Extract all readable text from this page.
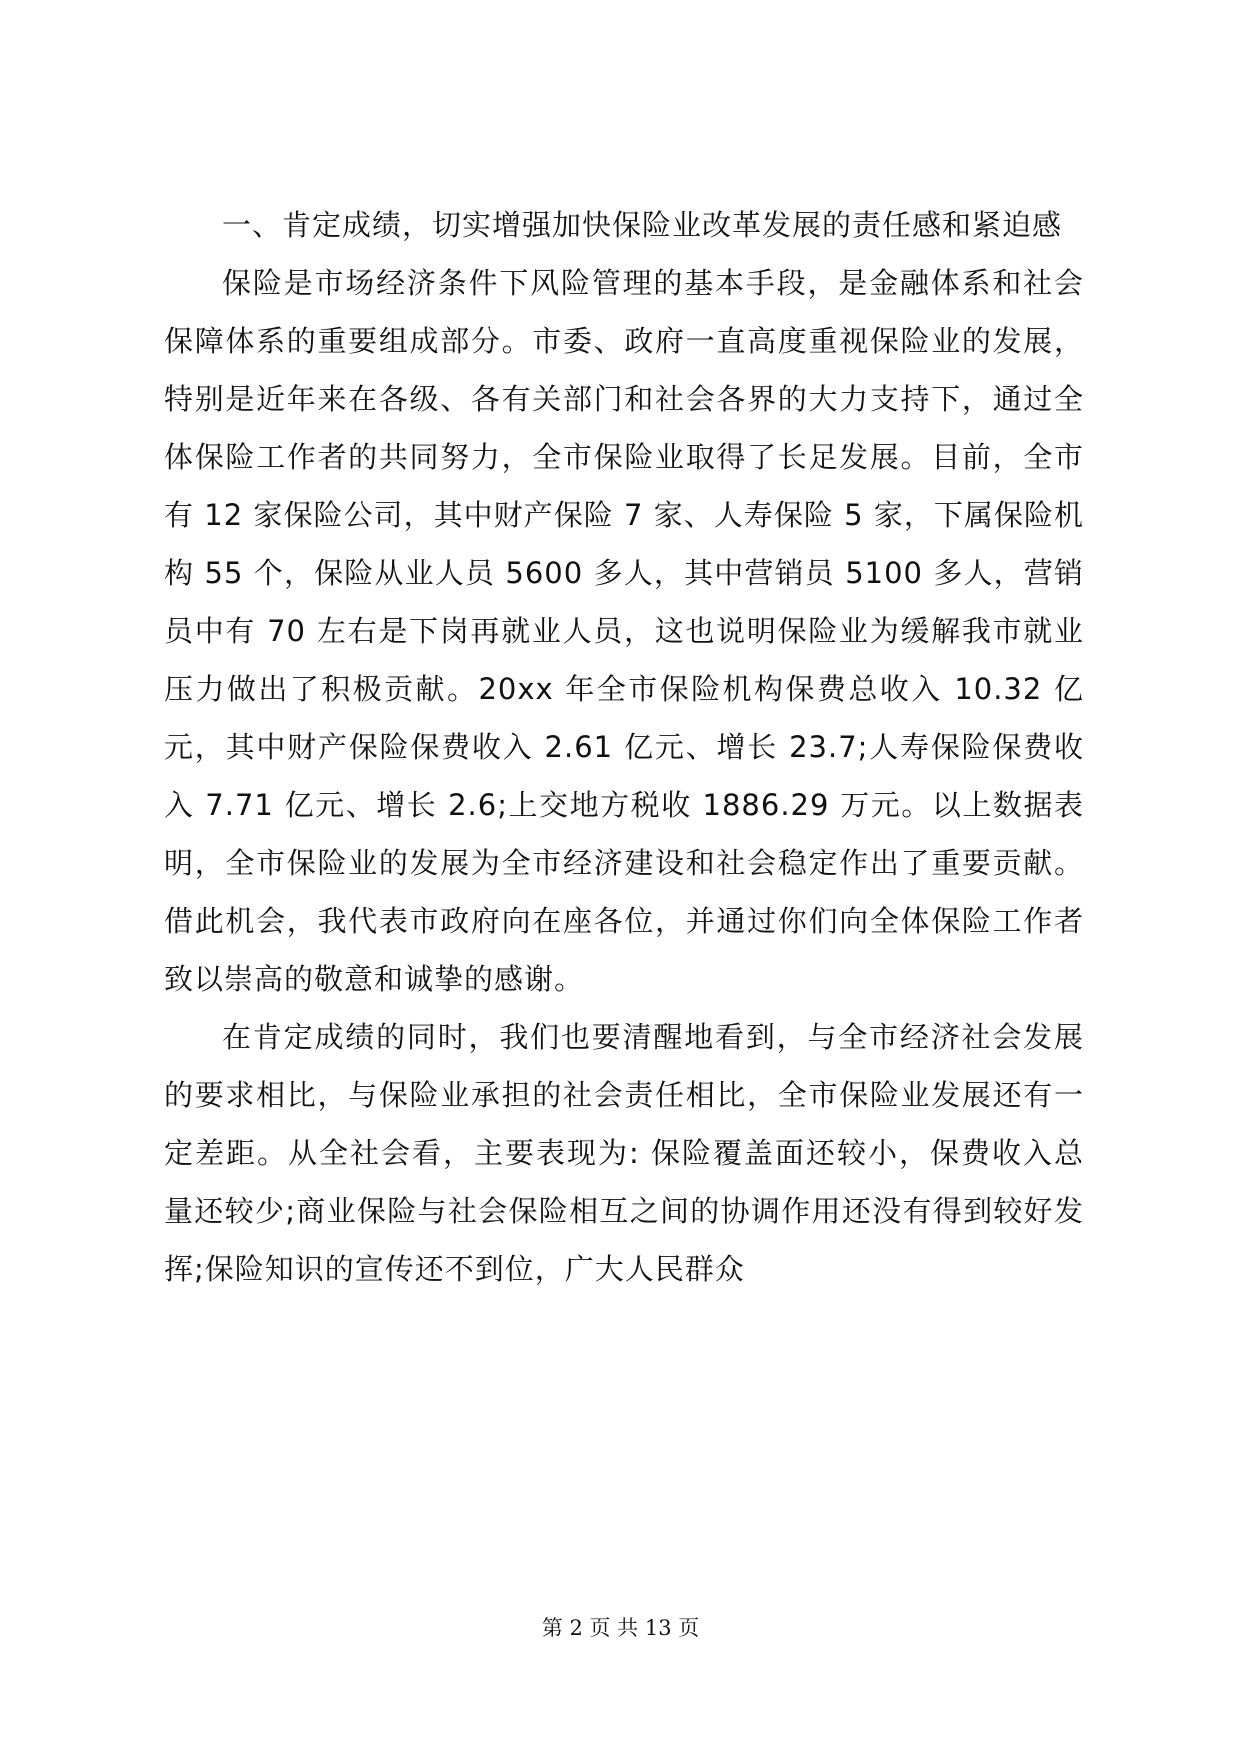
一、肯定成绩，切实增强加快保险业改革发展的责任感和紧迫感

保险是市场经济条件下风险管理的基本手段，是金融体系和社会保障体系的重要组成部分。市委、政府一直高度重视保险业的发展，特别是近年来在各级、各有关部门和社会各界的大力支持下，通过全体保险工作者的共同努力，全市保险业取得了长足发展。目前，全市有 12 家保险公司，其中财产保险 7 家、人寿保险 5 家，下属保险机构 55 个，保险从业人员 5600 多人，其中营销员 5100 多人，营销员中有 70 左右是下岗再就业人员，这也说明保险业为缓解我市就业压力做出了积极贡献。20xx 年全市保险机构保费总收入 10.32 亿元，其中财产保险保费收入 2.61 亿元、增长 23.7;人寿保险保费收入 7.71 亿元、增长 2.6;上交地方税收 1886.29 万元。以上数据表明，全市保险业的发展为全市经济建设和社会稳定作出了重要贡献。借此机会，我代表市政府向在座各位，并通过你们向全体保险工作者致以崇高的敬意和诚挚的感谢。

在肯定成绩的同时，我们也要清醒地看到，与全市经济社会发展的要求相比，与保险业承担的社会责任相比，全市保险业发展还有一定差距。从全社会看，主要表现为: 保险覆盖面还较小，保费收入总量还较少;商业保险与社会保险相互之间的协调作用还没有得到较好发挥;保险知识的宣传还不到位，广大人民群众

第 2 页 共 13 页
